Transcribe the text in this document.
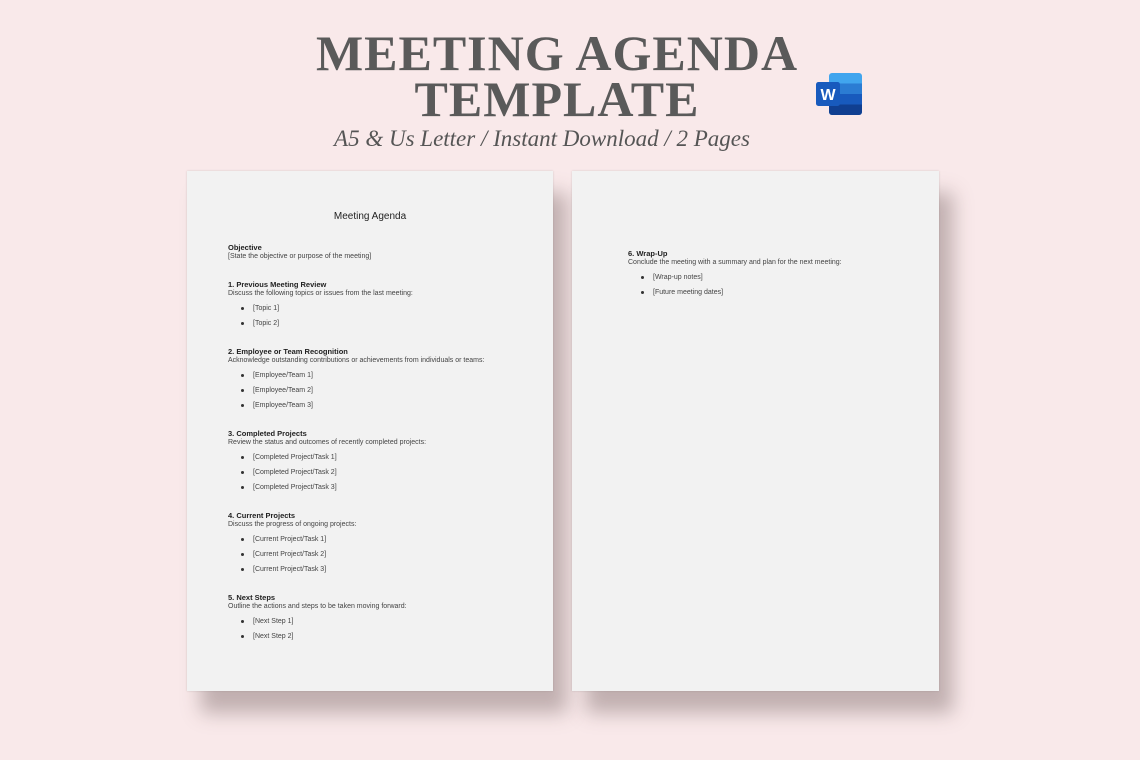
MEETING AGENDA
TEMPLATE	W

A5 & Us Letter / Instant Download / 2 Pages

Meeting Agenda

Objective

[State the objective or purpose of the meeting]

1. Previous Meeting Review

Discuss the following topics or issues from the last meeting:

[Topic 1]
[Topic 2]

2. Employee or Team Recognition

Acknowledge outstanding contributions or achievements from individuals or teams:

[Employee/Team 1]
[Employee/Team 2]
[Employee/Team 3]

3. Completed Projects

Review the status and outcomes of recently completed projects:

[Completed Project/Task 1]
[Completed Project/Task 2]
[Completed Project/Task 3]

4. Current Projects

Discuss the progress of ongoing projects:

[Current Project/Task 1]
[Current Project/Task 2]
[Current Project/Task 3]

5. Next Steps

Outline the actions and steps to be taken moving forward:

[Next Step 1]
[Next Step 2]

6. Wrap-Up

Conclude the meeting with a summary and plan for the next meeting:

[Wrap-up notes]
[Future meeting dates]
